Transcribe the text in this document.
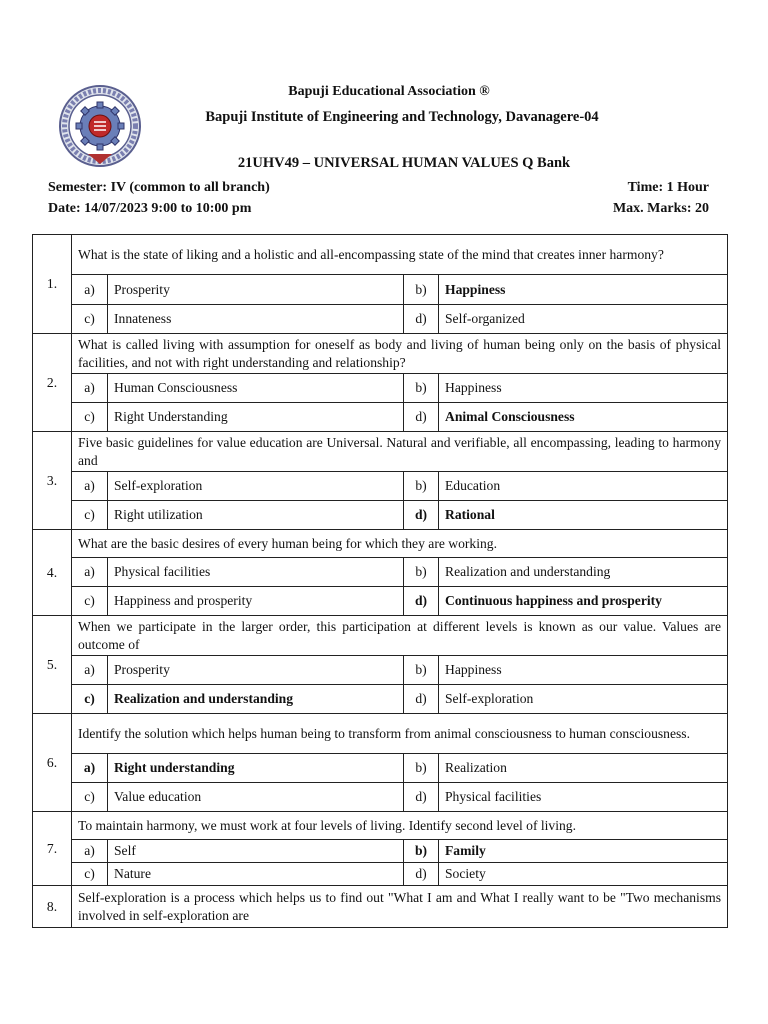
Bapuji Educational Association ®
Bapuji Institute of Engineering and Technology, Davanagere-04
21UHV49 – UNIVERSAL HUMAN VALUES Q Bank
Semester: IV (common to all branch)
Date: 14/07/2023 9:00 to 10:00 pm
Time: 1 Hour
Max. Marks: 20
1.	What is the state of liking and a holistic and all-encompassing state of the mind that creates inner harmony?			
	a)	Prosperity	b)	Happiness
	c)	Innateness	d)	Self-organized
2.	What is called living with assumption for oneself as body and living of human being only on the basis of physical facilities, and not with right understanding and relationship?			
	a)	Human Consciousness	b)	Happiness
	c)	Right Understanding	d)	Animal Consciousness
3.	Five basic guidelines for value education are Universal. Natural and verifiable, all encompassing, leading to harmony and			
	a)	Self-exploration	b)	Education
	c)	Right utilization	d)	Rational
4.	What are the basic desires of every human being for which they are working.			
	a)	Physical facilities	b)	Realization and understanding
	c)	Happiness and prosperity	d)	Continuous happiness and prosperity
5.	When we participate in the larger order, this participation at different levels is known as our value. Values are outcome of			
	a)	Prosperity	b)	Happiness
	c)	Realization and understanding	d)	Self-exploration
6.	Identify the solution which helps human being to transform from animal consciousness to human consciousness.			
	a)	Right understanding	b)	Realization
	c)	Value education	d)	Physical facilities
7.	To maintain harmony, we must work at four levels of living. Identify second level of living.			
	a)	Self	b)	Family
	c)	Nature	d)	Society
8.	Self-exploration is a process which helps us to find out "What I am and What I really want to be "Two mechanisms involved in self-exploration are			
